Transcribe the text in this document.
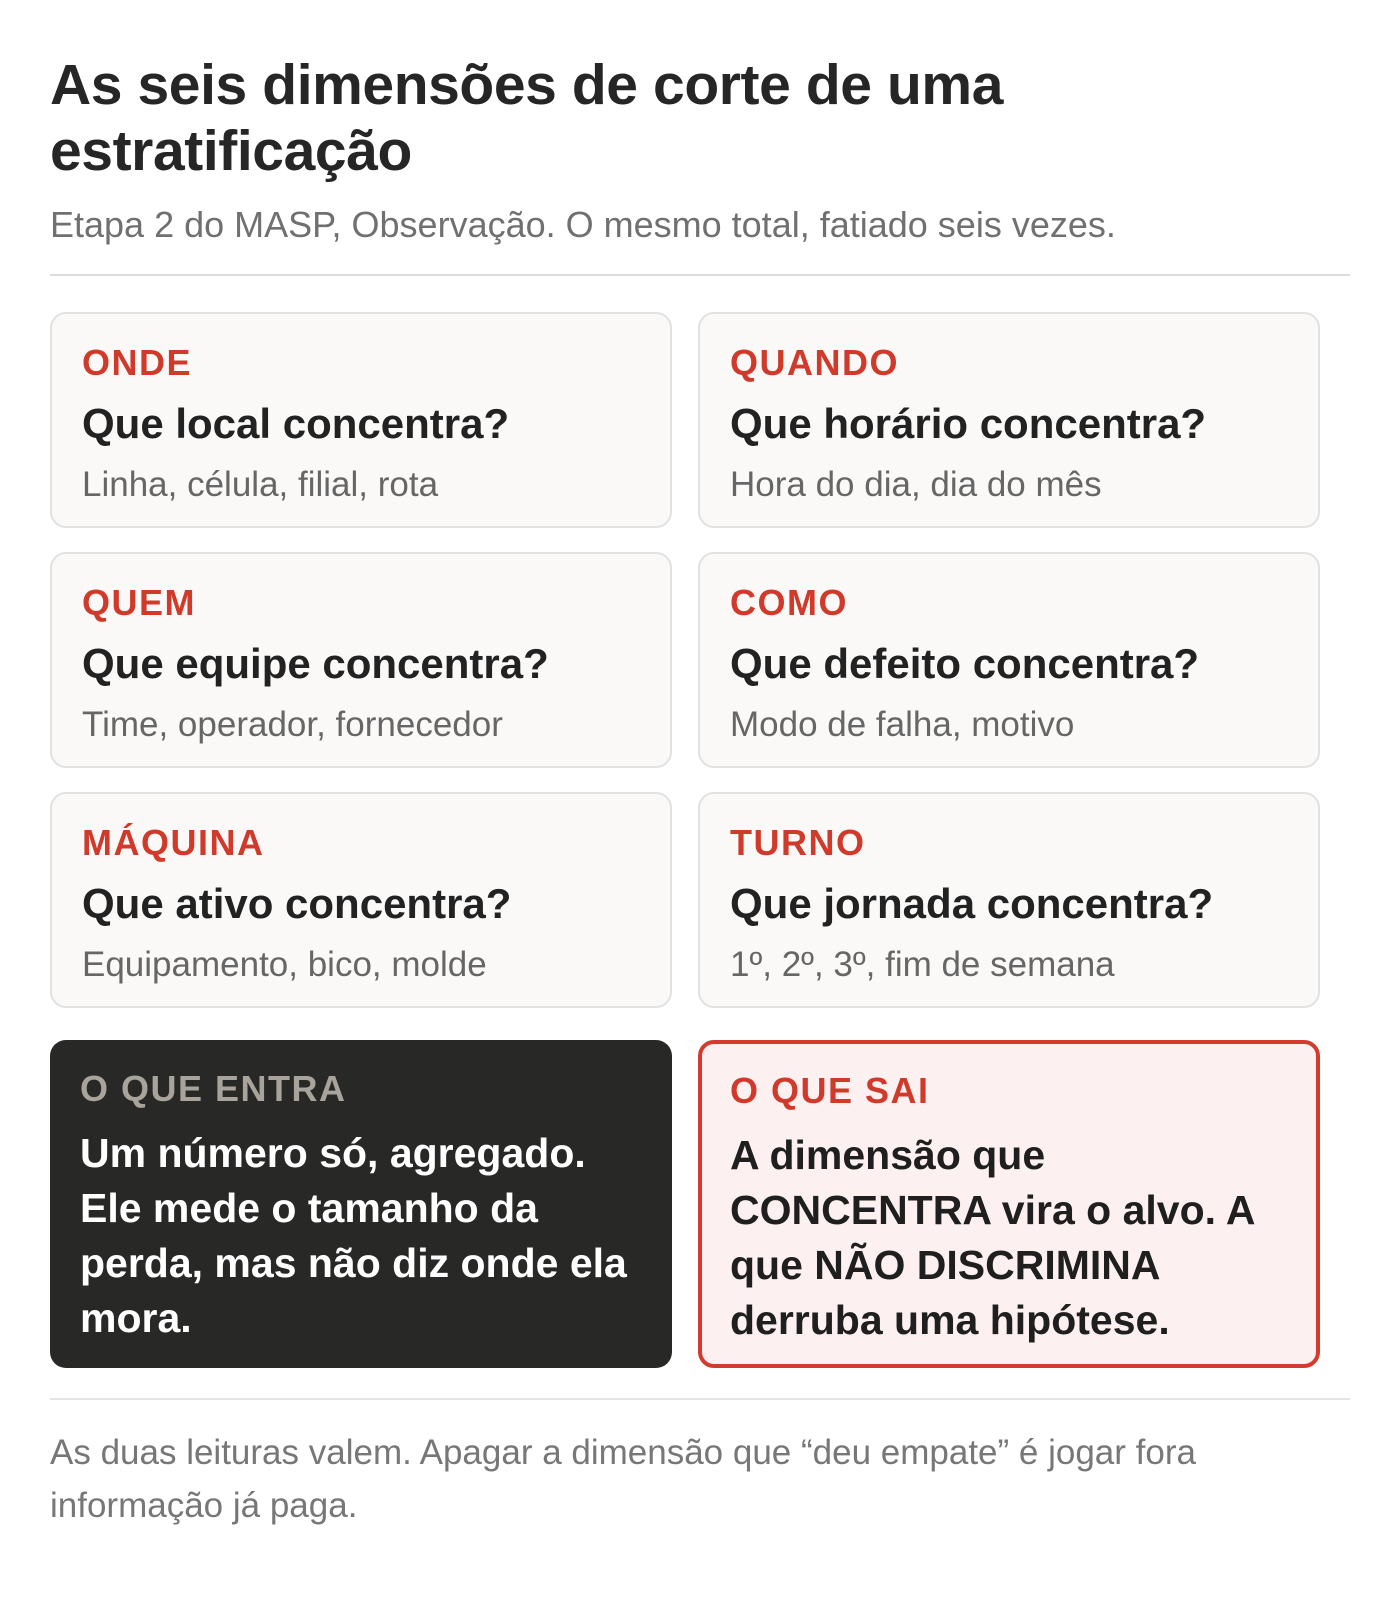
As seis dimensões de corte de uma estratificação

Etapa 2 do MASP, Observação. O mesmo total, fatiado seis vezes.

ONDE
Que local concentra?
Linha, célula, filial, rota
QUANDO
Que horário concentra?
Hora do dia, dia do mês
QUEM
Que equipe concentra?
Time, operador, fornecedor
COMO
Que defeito concentra?
Modo de falha, motivo
MÁQUINA
Que ativo concentra?
Equipamento, bico, molde
TURNO
Que jornada concentra?
1º, 2º, 3º, fim de semana
O QUE ENTRA
Um número só, agregado. Ele mede o tamanho da perda, mas não diz onde ela mora.
O QUE SAI
A dimensão que CONCENTRA vira o alvo. A que NÃO DISCRIMINA derruba uma hipótese.

As duas leituras valem. Apagar a dimensão que “deu empate” é jogar fora informação já paga.
